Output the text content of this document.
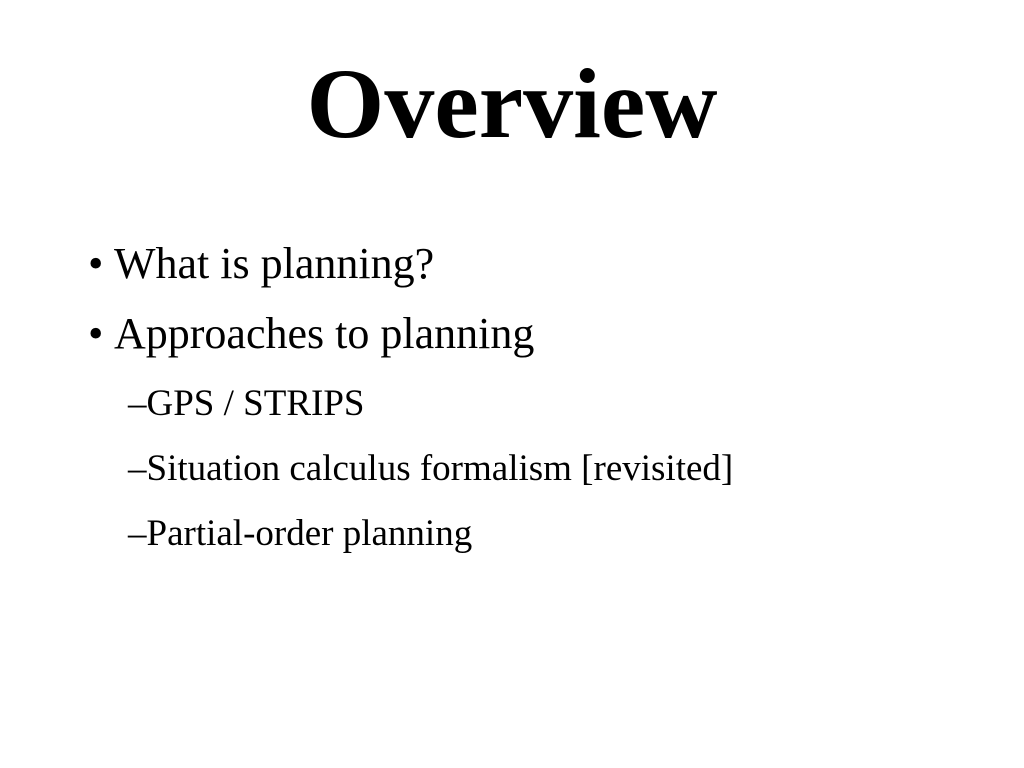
Overview
• What is planning?
• Approaches to planning
–GPS / STRIPS
–Situation calculus formalism [revisited]
–Partial-order planning
